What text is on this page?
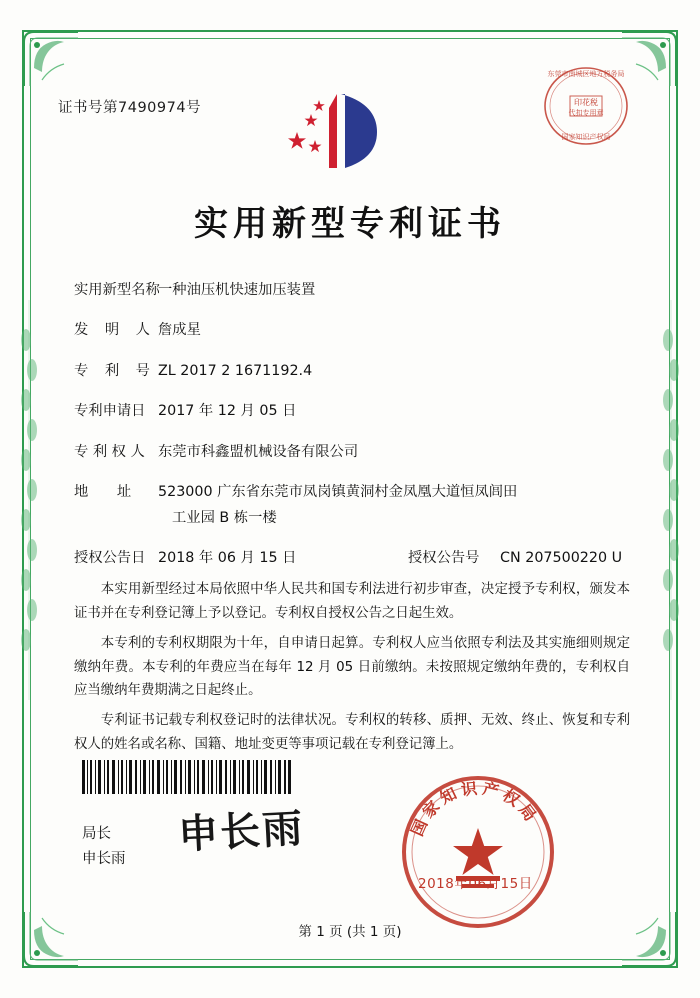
证书号第7490974号	印花税
代扣专用章
东莞市南城区地方税务局
国家知识产权局
实用新型专利证书
实用新型名称
一种油压机快速加压装置
发 明 人 詹成星
专 利 号 ZL 2017 2 1671192.4
专利申请日 2017 年 12 月 05 日
专 利 权 人 东莞市科鑫盟机械设备有限公司
地 址	523000 广东省东莞市凤岗镇黄洞村金凤凰大道恒凤闾田
工业园 B 栋一楼
授权公告日 2018 年 06 月 15 日	授权公告号	CN 207500220 U

本实用新型经过本局依照中华人民共和国专利法进行初步审查，决定授予专利权，颁发本证书并在专利登记簿上予以登记。专利权自授权公告之日起生效。

本专利的专利权期限为十年，自申请日起算。专利权人应当依照专利法及其实施细则规定缴纳年费。本专利的年费应当在每年 12 月 05 日前缴纳。未按照规定缴纳年费的，专利权自应当缴纳年费期满之日起终止。

专利证书记载专利权登记时的法律状况。专利权的转移、质押、无效、终止、恢复和专利权人的姓名或名称、国籍、地址变更等事项记载在专利登记簿上。

局长
申长雨
申长雨	国家知识产权局
2018年06月15日
第 1 页 (共 1 页)
